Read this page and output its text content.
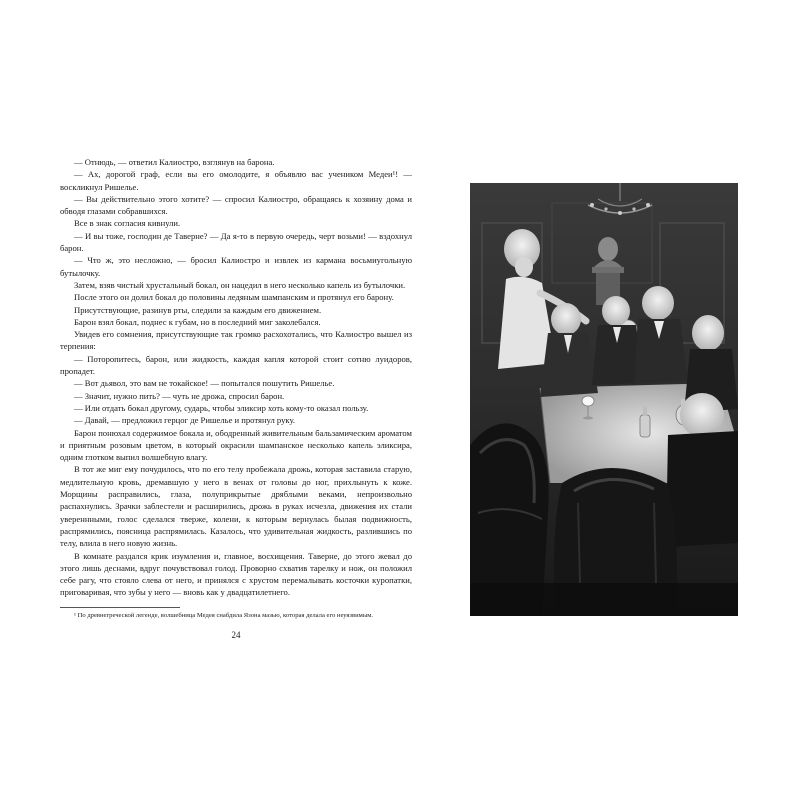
— Отнюдь, — ответил Калиостро, взглянув на барона.

— Ах, дорогой граф, если вы его омолодите, я объявлю вас учеником Медеи¹! — воскликнул Ришелье.

— Вы действительно этого хотите? — спросил Калиостро, обращаясь к хозяину дома и обводя глазами собравшихся.

Все в знак согласия кивнули.

— И вы тоже, господин де Таверне? — Да я-то в первую очередь, черт возьми! — вздохнул барон.

— Что ж, это несложно, — бросил Калиостро и извлек из кармана восьмиугольную бутылочку.

Затем, взяв чистый хрустальный бокал, он нацедил в него несколько капель из бутылочки.

После этого он долил бокал до половины ледяным шампанским и протянул его барону.

Присутствующие, разинув рты, следили за каждым его движением.

Барон взял бокал, поднес к губам, но в последний миг заколебался.

Увидев его сомнения, присутствующие так громко расхохотались, что Калиостро вышел из терпения:

— Поторопитесь, барон, или жидкость, каждая капля которой стоит сотню луидоров, пропадет.

— Вот дьявол, это вам не токайское! — попытался пошутить Ришелье.

— Значит, нужно пить? — чуть не дрожа, спросил барон.

— Или отдать бокал другому, сударь, чтобы эликсир хоть кому-то оказал пользу.

— Давай, — предложил герцог де Ришелье и протянул руку.

Барон понюхал содержимое бокала и, ободренный живительным бальзамическим ароматом и приятным розовым цветом, в который окрасили шампанское несколько капель эликсира, одним глотком выпил волшебную влагу.

В тот же миг ему почудилось, что по его телу пробежала дрожь, которая заставила старую, медлительную кровь, дремавшую у него в венах от головы до ног, прихлынуть к коже. Морщины расправились, глаза, полуприкрытые дряблыми веками, непроизвольно распахнулись. Зрачки заблестели и расширились, дрожь в руках исчезла, движения их стали увереннными, голос сделался тверже, колени, к которым вернулась былая подвижность, распрямились, поясница распрямилась. Казалось, что удивительная жидкость, разлившись по телу, влила в него новую жизнь.

В комнате раздался крик изумления и, главное, восхищения. Таверне, до этого жевал до этого лишь деснами, вдруг почувствовал голод. Проворно схватив тарелку и нож, он положил себе рагу, что стояло слева от него, и принялся с хрустом перемалывать косточки куропатки, приговаривая, что зубы у него — вновь как у двадцатилетнего.

¹ По древнегреческой легенде, волшебница Медея снабдила Язона мазью, которая делала его неуязвимым.

24
